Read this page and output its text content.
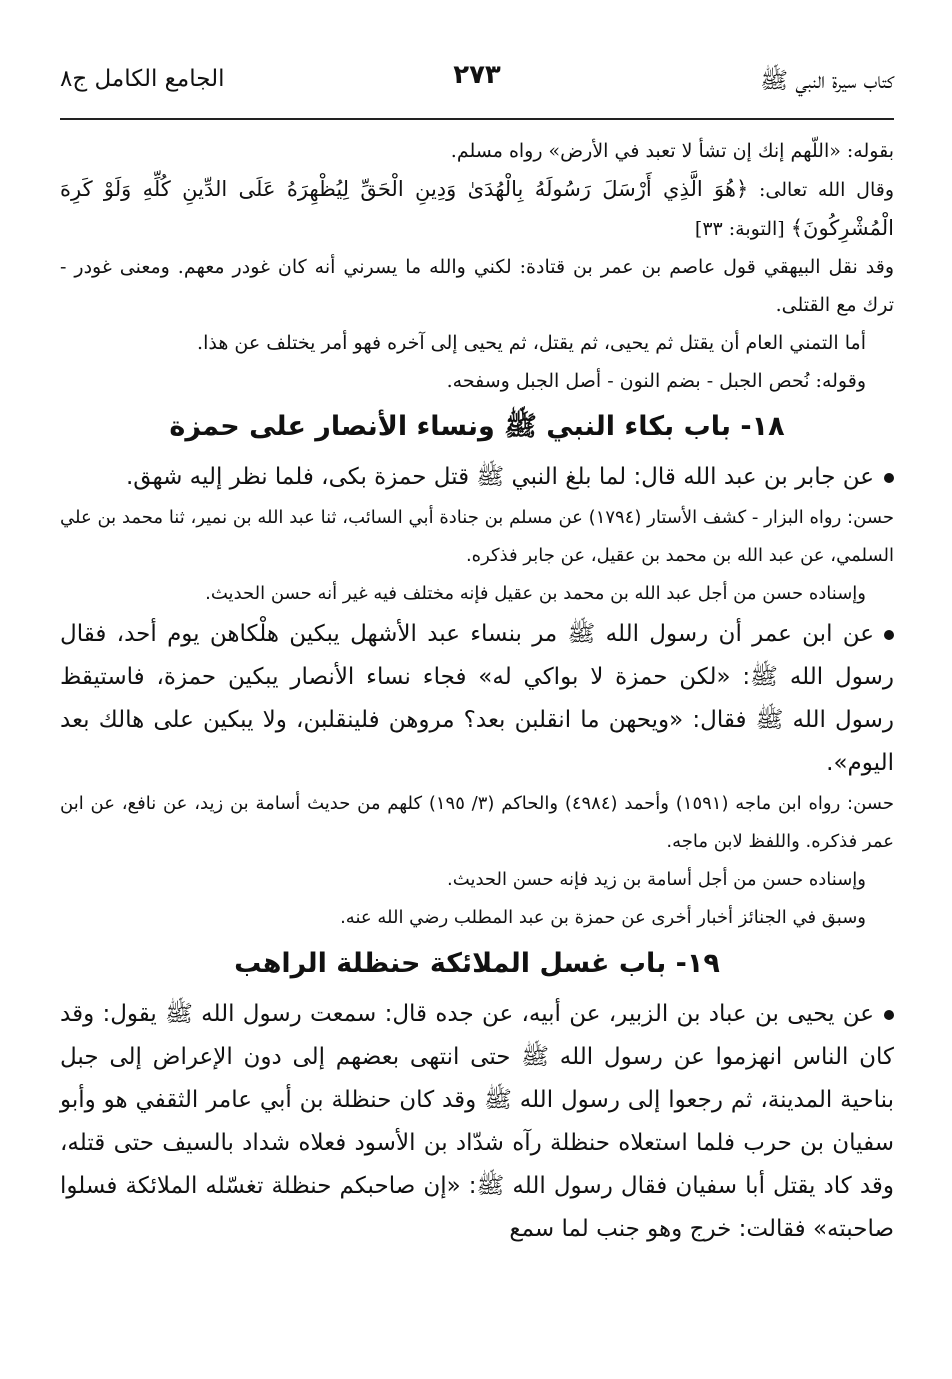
كتاب سيرة النبي ﷺ
٢٧٣
الجامع الكامل ج٨

بقوله: «اللّهم إنك إن تشأ لا تعبد في الأرض» رواه مسلم.

وقال الله تعالى: ﴿هُوَ الَّذِي أَرْسَلَ رَسُولَهُ بِالْهُدَىٰ وَدِينِ الْحَقِّ لِيُظْهِرَهُ عَلَى الدِّينِ كُلِّهِ وَلَوْ كَرِهَ الْمُشْرِكُونَ﴾ [التوبة: ٣٣]

وقد نقل البيهقي قول عاصم بن عمر بن قتادة: لكني والله ما يسرني أنه كان غودر معهم. ومعنى غودر - ترك مع القتلى.

أما التمني العام أن يقتل ثم يحيى، ثم يقتل، ثم يحيى إلى آخره فهو أمر يختلف عن هذا.

وقوله: نُحص الجبل - بضم النون - أصل الجبل وسفحه.

١٨- باب بكاء النبي ﷺ ونساء الأنصار على حمزة

عن جابر بن عبد الله قال: لما بلغ النبي ﷺ قتل حمزة بكى، فلما نظر إليه شهق.

حسن: رواه البزار - كشف الأستار (١٧٩٤) عن مسلم بن جنادة أبي السائب، ثنا عبد الله بن نمير، ثنا محمد بن علي السلمي، عن عبد الله بن محمد بن عقيل، عن جابر فذكره.

وإسناده حسن من أجل عبد الله بن محمد بن عقيل فإنه مختلف فيه غير أنه حسن الحديث.

عن ابن عمر أن رسول الله ﷺ مر بنساء عبد الأشهل يبكين هلْكاهن يوم أحد، فقال رسول الله ﷺ: «لكن حمزة لا بواكي له» فجاء نساء الأنصار يبكين حمزة، فاستيقظ رسول الله ﷺ فقال: «ويحهن ما انقلبن بعد؟ مروهن فلينقلبن، ولا يبكين على هالك بعد اليوم».

حسن: رواه ابن ماجه (١٥٩١) وأحمد (٤٩٨٤) والحاكم (٣/ ١٩٥) كلهم من حديث أسامة بن زيد، عن نافع، عن ابن عمر فذكره. واللفظ لابن ماجه.

وإسناده حسن من أجل أسامة بن زيد فإنه حسن الحديث.

وسبق في الجنائز أخبار أخرى عن حمزة بن عبد المطلب رضي الله عنه.

١٩- باب غسل الملائكة حنظلة الراهب

عن يحيى بن عباد بن الزبير، عن أبيه، عن جده قال: سمعت رسول الله ﷺ يقول: وقد كان الناس انهزموا عن رسول الله ﷺ حتى انتهى بعضهم إلى دون الإعراض إلى جبل بناحية المدينة، ثم رجعوا إلى رسول الله ﷺ وقد كان حنظلة بن أبي عامر الثقفي هو وأبو سفيان بن حرب فلما استعلاه حنظلة رآه شدّاد بن الأسود فعلاه شداد بالسيف حتى قتله، وقد كاد يقتل أبا سفيان فقال رسول الله ﷺ: «إن صاحبكم حنظلة تغسّله الملائكة فسلوا صاحبته» فقالت: خرج وهو جنب لما سمع
